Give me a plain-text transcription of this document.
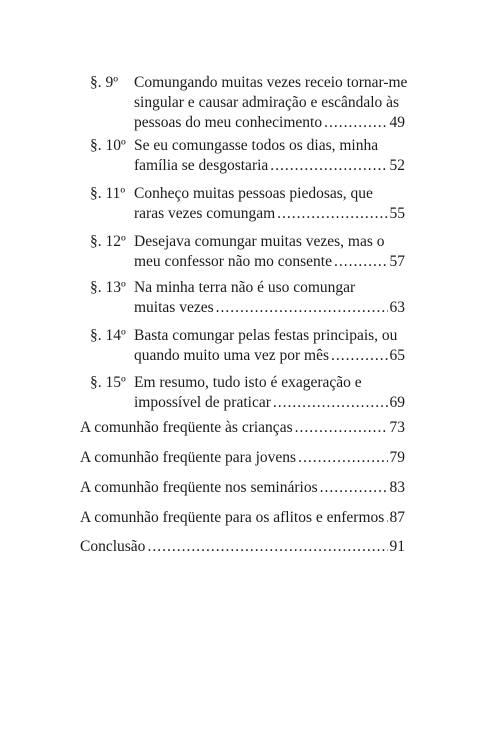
§. 9º Comungando muitas vezes receio tornar-me
singular e causar admiração e escândalo às
pessoas do meu conhecimento .....	49
§. 10º Se eu comungasse todos os dias, minha
família se desgostaria .....	52
§. 11º Conheço muitas pessoas piedosas, que
raras vezes comungam .....	55
§. 12º Desejava comungar muitas vezes, mas o
meu confessor não mo consente .....	57
§. 13º Na minha terra não é uso comungar
muitas vezes .....	63
§. 14º Basta comungar pelas festas principais, ou
quando muito uma vez por mês .....	65
§. 15º Em resumo, tudo isto é exageração e
impossível de praticar .....	69
A comunhão freqüente às crianças .....	73
A comunhão freqüente para jovens .....	79
A comunhão freqüente nos seminários .....	83
A comunhão freqüente para os aflitos e enfermos ..... 87
Conclusão .....	91
